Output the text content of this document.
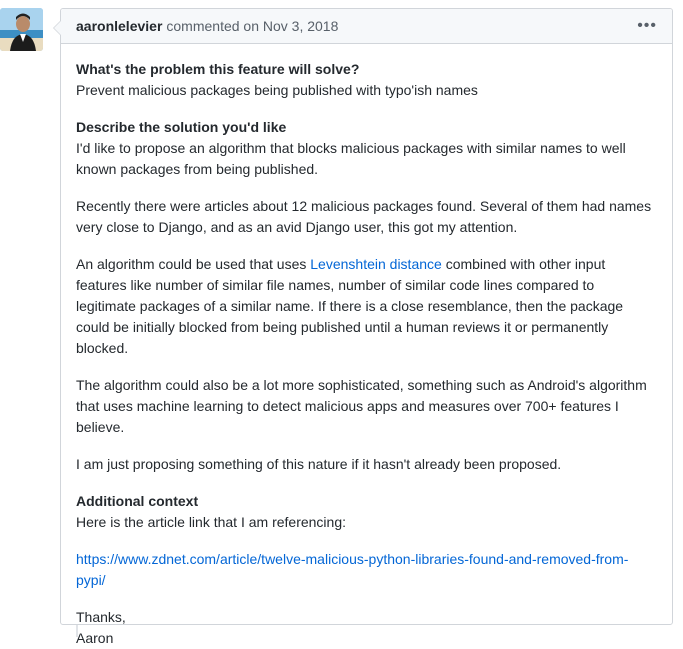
aaronlelevier commented on Nov 3, 2018	•••
What's the problem this feature will solve?

Prevent malicious packages being published with typo'ish names

Describe the solution you'd like

I'd like to propose an algorithm that blocks malicious packages with similar names to well known packages from being published.

Recently there were articles about 12 malicious packages found. Several of them had names very close to Django, and as an avid Django user, this got my attention.

An algorithm could be used that uses Levenshtein distance combined with other input features like number of similar file names, number of similar code lines compared to legitimate packages of a similar name. If there is a close resemblance, then the package could be initially blocked from being published until a human reviews it or permanently blocked.

The algorithm could also be a lot more sophisticated, something such as Android's algorithm that uses machine learning to detect malicious apps and measures over 700+ features I believe.

I am just proposing something of this nature if it hasn't already been proposed.

Additional context

Here is the article link that I am referencing:

https://www.zdnet.com/article/twelve-malicious-python-libraries-found-and-removed-from-pypi/

Thanks,
Aaron
